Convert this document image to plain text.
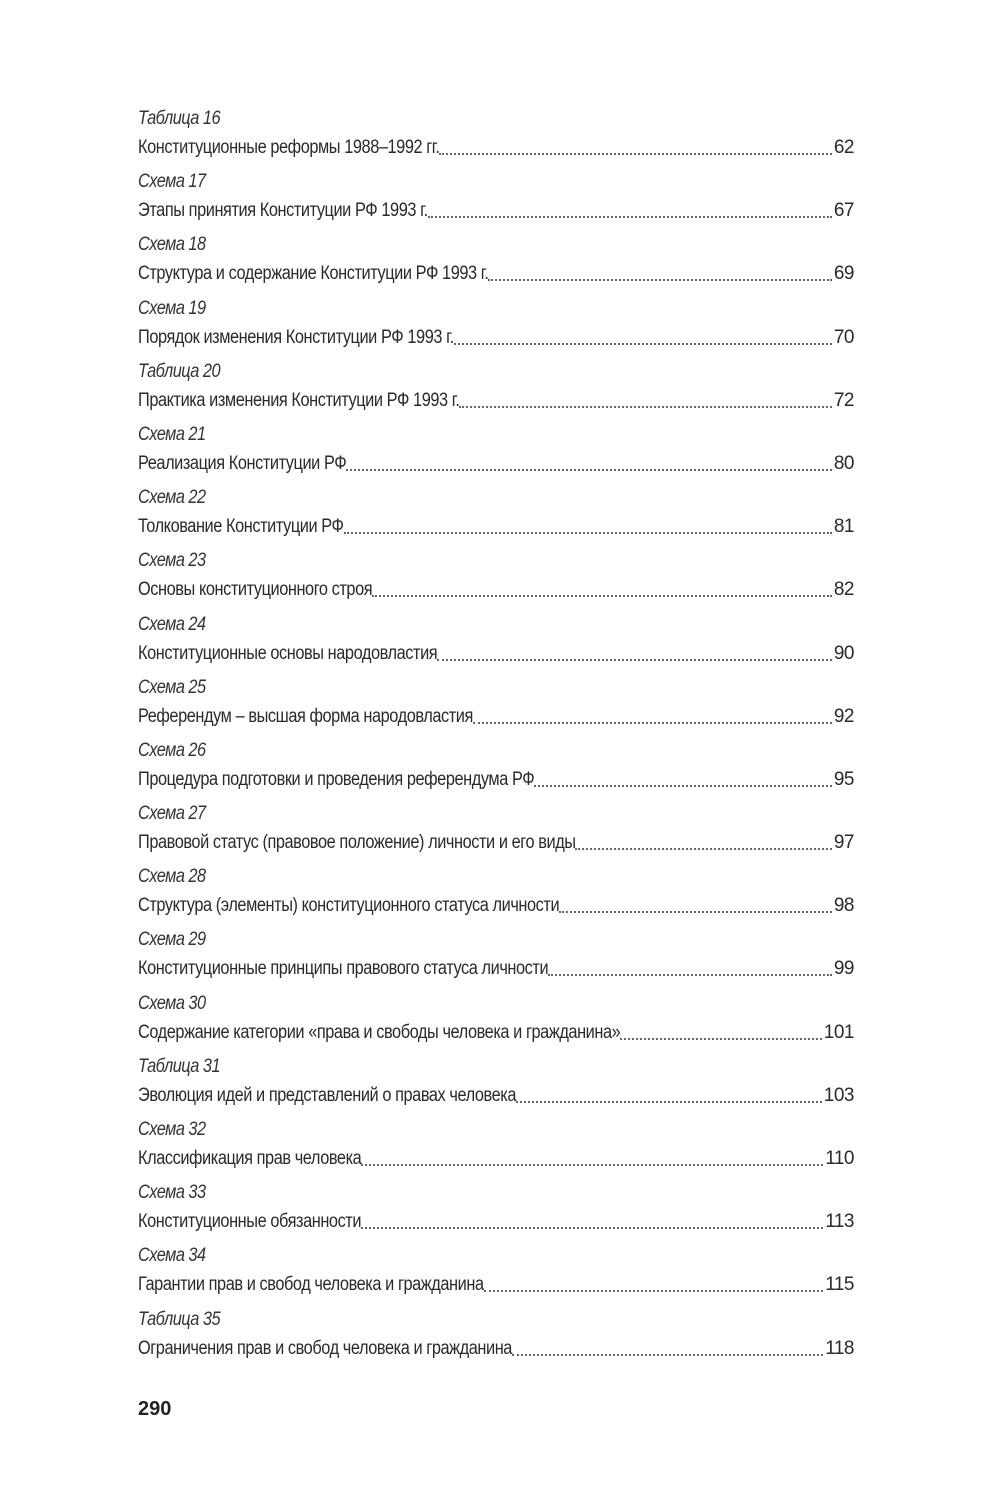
Таблица 16
Конституционные реформы 1988–1992 гг.	62
Схема 17
Этапы принятия Конституции РФ 1993 г.	67
Схема 18
Структура и содержание Конституции РФ 1993 г.	69
Схема 19
Порядок изменения Конституции РФ 1993 г.	70
Таблица 20
Практика изменения Конституции РФ 1993 г.	72
Схема 21
Реализация Конституции РФ	80
Схема 22
Толкование Конституции РФ	81
Схема 23
Основы конституционного строя	82
Схема 24
Конституционные основы народовластия	90
Схема 25
Референдум – высшая форма народовластия	92
Схема 26
Процедура подготовки и проведения референдума РФ	95
Схема 27
Правовой статус (правовое положение) личности и его виды	97
Схема 28
Структура (элементы) конституционного статуса личности	98
Схема 29
Конституционные принципы правового статуса личности	99
Схема 30
Содержание категории «права и свободы человека и гражданина»	101
Таблица 31
Эволюция идей и представлений о правах человека	103
Схема 32
Классификация прав человека	110
Схема 33
Конституционные обязанности	113
Схема 34
Гарантии прав и свобод человека и гражданина	115
Таблица 35
Ограничения прав и свобод человека и гражданина	118
290
